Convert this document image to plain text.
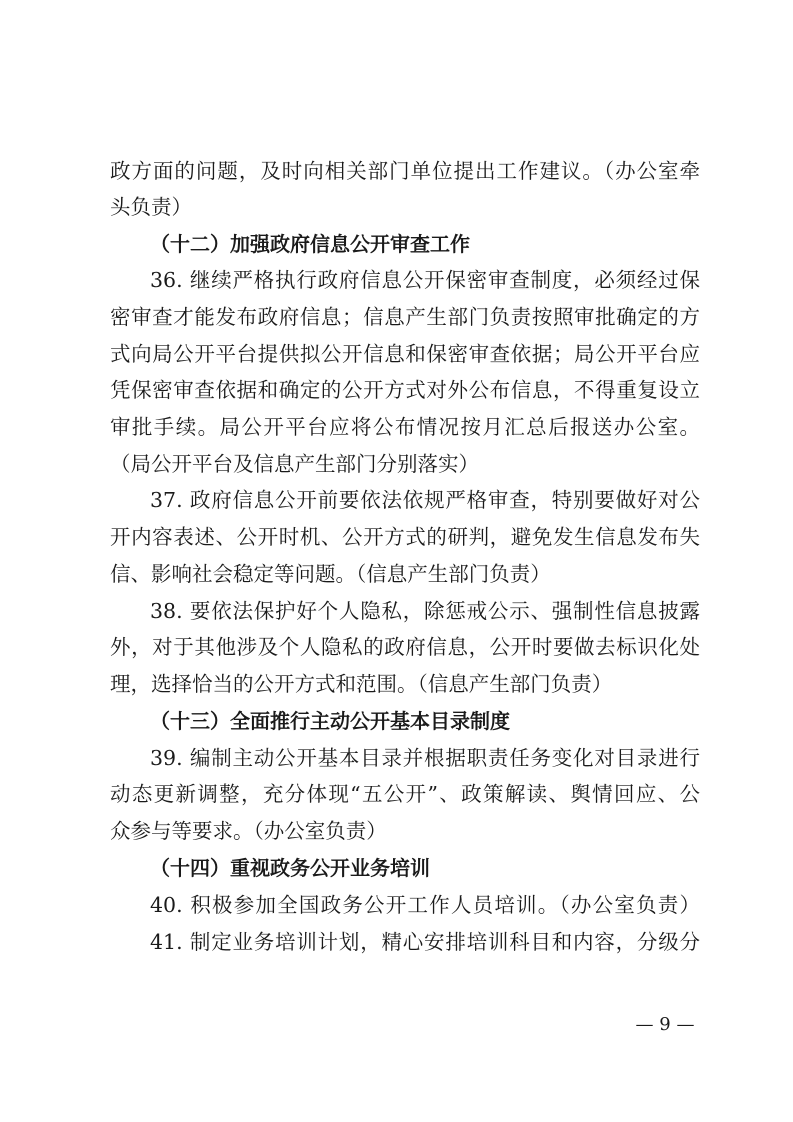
政方面的问题，及时向相关部门单位提出工作建议。（办公室牵
头负责）
（十二）加强政府信息公开审查工作
36. 继续严格执行政府信息公开保密审查制度，必须经过保
密审查才能发布政府信息；信息产生部门负责按照审批确定的方
式向局公开平台提供拟公开信息和保密审查依据；局公开平台应
凭保密审查依据和确定的公开方式对外公布信息，不得重复设立
审批手续。局公开平台应将公布情况按月汇总后报送办公室。
（局公开平台及信息产生部门分别落实）
37. 政府信息公开前要依法依规严格审查，特别要做好对公
开内容表述、公开时机、公开方式的研判，避免发生信息发布失
信、影响社会稳定等问题。（信息产生部门负责）
38. 要依法保护好个人隐私，除惩戒公示、强制性信息披露
外，对于其他涉及个人隐私的政府信息，公开时要做去标识化处
理，选择恰当的公开方式和范围。（信息产生部门负责）
（十三）全面推行主动公开基本目录制度
39. 编制主动公开基本目录并根据职责任务变化对目录进行
动态更新调整，充分体现“五公开”、政策解读、舆情回应、公
众参与等要求。（办公室负责）
（十四）重视政务公开业务培训
40. 积极参加全国政务公开工作人员培训。（办公室负责）
41. 制定业务培训计划，精心安排培训科目和内容，分级分
— 9 —
